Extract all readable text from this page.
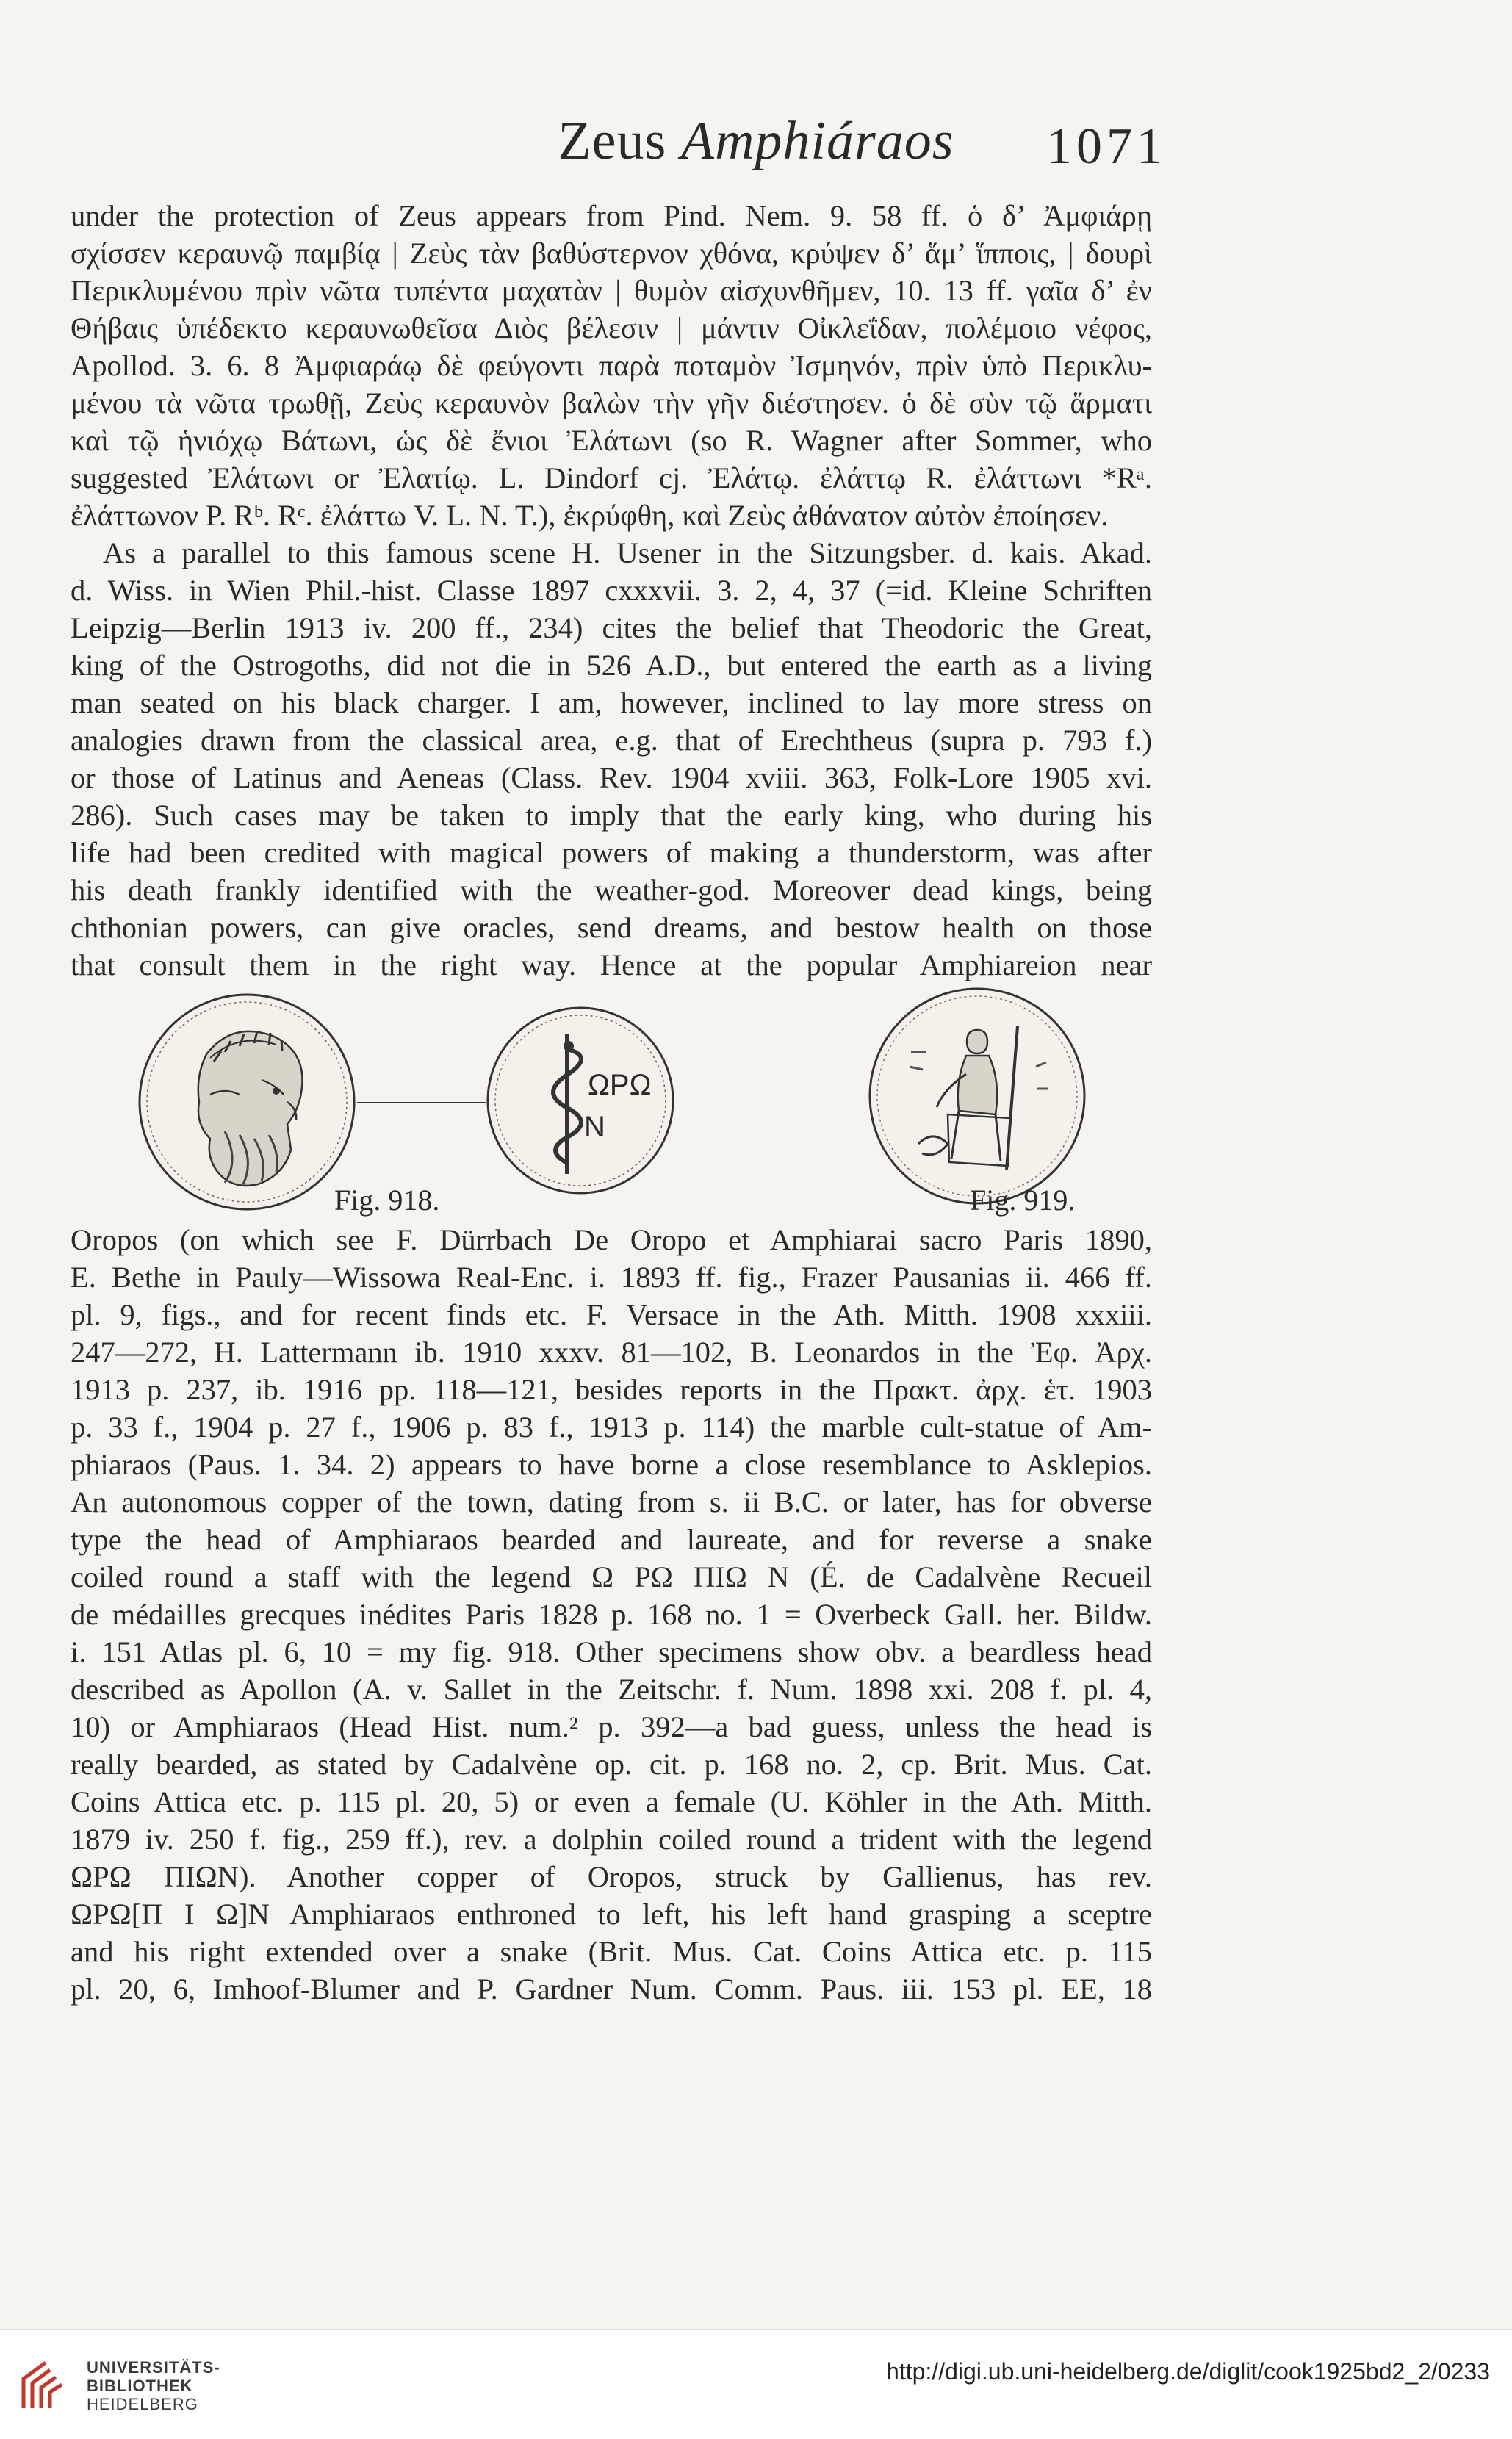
Zeus Amphiáraos	1071
under the protection of Zeus appears from Pind. Nem. 9. 58 ff. ὁ δ’ Ἀμφιάρῃ
σχίσσεν κεραυνῷ παμβίᾳ | Ζεὺς τὰν βαθύστερνον χθόνα, κρύψεν δ’ ἅμ’ ἵπποις, | δουρὶ
Περικλυμένου πρὶν νῶτα τυπέντα μαχατὰν | θυμὸν αἰσχυνθῆμεν, 10. 13 ff. γαῖα δ’ ἐν
Θήβαις ὑπέδεκτο κεραυνωθεῖσα Διὸς βέλεσιν | μάντιν Οἰκλεΐδαν, πολέμοιο νέφος,
Apollod. 3. 6. 8 Ἀμφιαράῳ δὲ φεύγοντι παρὰ ποταμὸν Ἰσμηνόν, πρὶν ὑπὸ Περικλυ-
μένου τὰ νῶτα τρωθῇ, Ζεὺς κεραυνὸν βαλὼν τὴν γῆν διέστησεν. ὁ δὲ σὺν τῷ ἅρματι
καὶ τῷ ἡνιόχῳ Βάτωνι, ὡς δὲ ἔνιοι Ἐλάτωνι (so R. Wagner after Sommer, who
suggested Ἐλάτωνι or Ἐλατίῳ. L. Dindorf cj. Ἐλάτῳ. ἐλάττῳ R. ἐλάττωνι *Rᵃ.
ἐλάττωνον P. Rᵇ. Rᶜ. ἐλάττω V. L. N. T.), ἐκρύφθη, καὶ Ζεὺς ἀθάνατον αὐτὸν ἐποίησεν.
As a parallel to this famous scene H. Usener in the Sitzungsber. d. kais. Akad.
d. Wiss. in Wien Phil.-hist. Classe 1897 cxxxvii. 3. 2, 4, 37 (=id. Kleine Schriften
Leipzig—Berlin 1913 iv. 200 ff., 234) cites the belief that Theodoric the Great,
king of the Ostrogoths, did not die in 526 A.D., but entered the earth as a living
man seated on his black charger. I am, however, inclined to lay more stress on
analogies drawn from the classical area, e.g. that of Erechtheus (supra p. 793 f.)
or those of Latinus and Aeneas (Class. Rev. 1904 xviii. 363, Folk-Lore 1905 xvi.
286). Such cases may be taken to imply that the early king, who during his
life had been credited with magical powers of making a thunderstorm, was after
his death frankly identified with the weather-god. Moreover dead kings, being
chthonian powers, can give oracles, send dreams, and bestow health on those
that consult them in the right way. Hence at the popular Amphiareion near
ΩPΩ
N
Fig. 918.	Fig. 919.
Oropos (on which see F. Dürrbach De Oropo et Amphiarai sacro Paris 1890,
E. Bethe in Pauly—Wissowa Real-Enc. i. 1893 ff. fig., Frazer Pausanias ii. 466 ff.
pl. 9, figs., and for recent finds etc. F. Versace in the Ath. Mitth. 1908 xxxiii.
247—272, H. Lattermann ib. 1910 xxxv. 81—102, B. Leonardos in the Ἐφ. Ἀρχ.
1913 p. 237, ib. 1916 pp. 118—121, besides reports in the Πρακτ. ἀρχ. ἑτ. 1903
p. 33 f., 1904 p. 27 f., 1906 p. 83 f., 1913 p. 114) the marble cult-statue of Am-
phiaraos (Paus. 1. 34. 2) appears to have borne a close resemblance to Asklepios.
An autonomous copper of the town, dating from s. ii B.C. or later, has for obverse
type the head of Amphiaraos bearded and laureate, and for reverse a snake
coiled round a staff with the legend Ω PΩ ΠΙΩ N (É. de Cadalvène Recueil
de médailles grecques inédites Paris 1828 p. 168 no. 1 = Overbeck Gall. her. Bildw.
i. 151 Atlas pl. 6, 10 = my fig. 918. Other specimens show obv. a beardless head
described as Apollon (A. v. Sallet in the Zeitschr. f. Num. 1898 xxi. 208 f. pl. 4,
10) or Amphiaraos (Head Hist. num.² p. 392—a bad guess, unless the head is
really bearded, as stated by Cadalvène op. cit. p. 168 no. 2, cp. Brit. Mus. Cat.
Coins Attica etc. p. 115 pl. 20, 5) or even a female (U. Köhler in the Ath. Mitth.
1879 iv. 250 f. fig., 259 ff.), rev. a dolphin coiled round a trident with the legend
ΩPΩ ΠΙΩN). Another copper of Oropos, struck by Gallienus, has rev.
ΩPΩ[Π Ι Ω]N Amphiaraos enthroned to left, his left hand grasping a sceptre
and his right extended over a snake (Brit. Mus. Cat. Coins Attica etc. p. 115
pl. 20, 6, Imhoof-Blumer and P. Gardner Num. Comm. Paus. iii. 153 pl. EE, 18
UNIVERSITÄTS-
BIBLIOTHEK
HEIDELBERG
http://digi.ub.uni-heidelberg.de/diglit/cook1925bd2_2/0233
